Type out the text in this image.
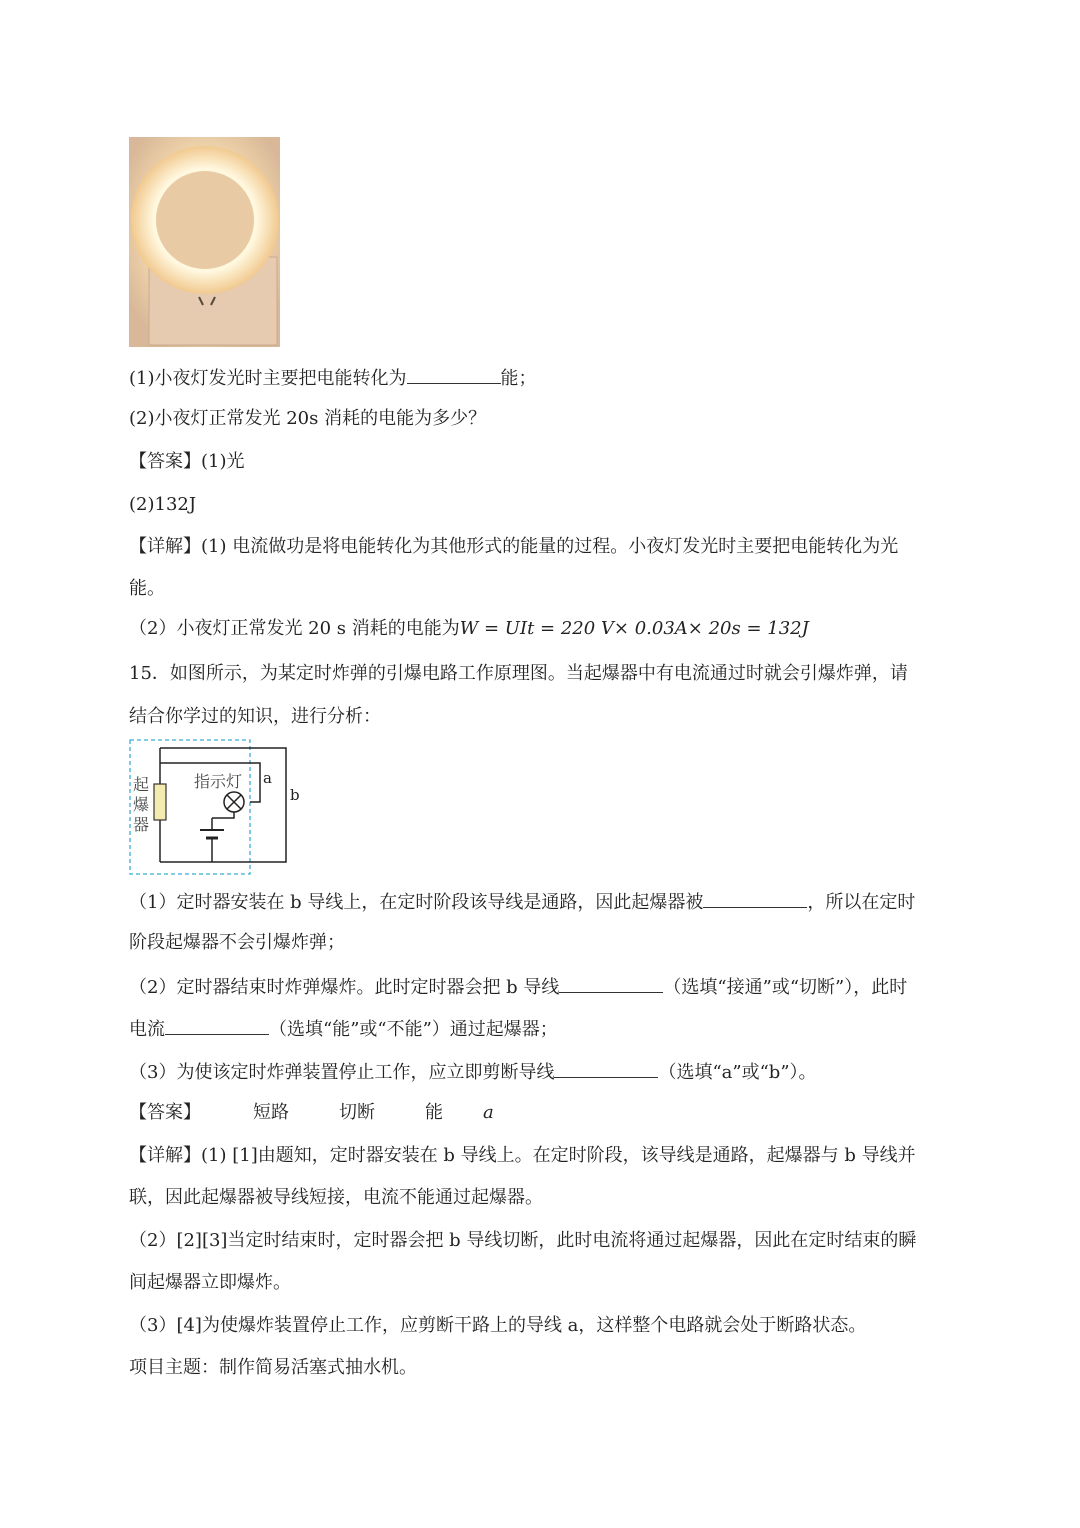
(1)小夜灯发光时主要把电能转化为	能；
(2)小夜灯正常发光 20s 消耗的电能为多少？
【答案】(1)光
(2)132J
【详解】(1) 电流做功是将电能转化为其他形式的能量的过程。小夜灯发光时主要把电能转化为光
能。
（2）小夜灯正常发光 20 s 消耗的电能为W = UIt = 220 V× 0.03A× 20s = 132J
15．如图所示，为某定时炸弹的引爆电路工作原理图。当起爆器中有电流通过时就会引爆炸弹，请
结合你学过的知识，进行分析：
起
爆
器
指示灯 a
b
（1）定时器安装在 b 导线上，在定时阶段该导线是通路，因此起爆器被	，所以在定时
阶段起爆器不会引爆炸弹；
（2）定时器结束时炸弹爆炸。此时定时器会把 b 导线	（选填“接通”或“切断”），此时
电流	（选填“能”或“不能”）通过起爆器；
（3）为使该定时炸弹装置停止工作，应立即剪断导线	（选填“a”或“b”）。
【答案】	短路	切断	能 a
【详解】(1) [1]由题知，定时器安装在 b 导线上。在定时阶段，该导线是通路，起爆器与 b 导线并
联，因此起爆器被导线短接，电流不能通过起爆器。
（2）[2][3]当定时结束时，定时器会把 b 导线切断，此时电流将通过起爆器，因此在定时结束的瞬
间起爆器立即爆炸。
（3）[4]为使爆炸装置停止工作，应剪断干路上的导线 a，这样整个电路就会处于断路状态。
项目主题：制作简易活塞式抽水机。
